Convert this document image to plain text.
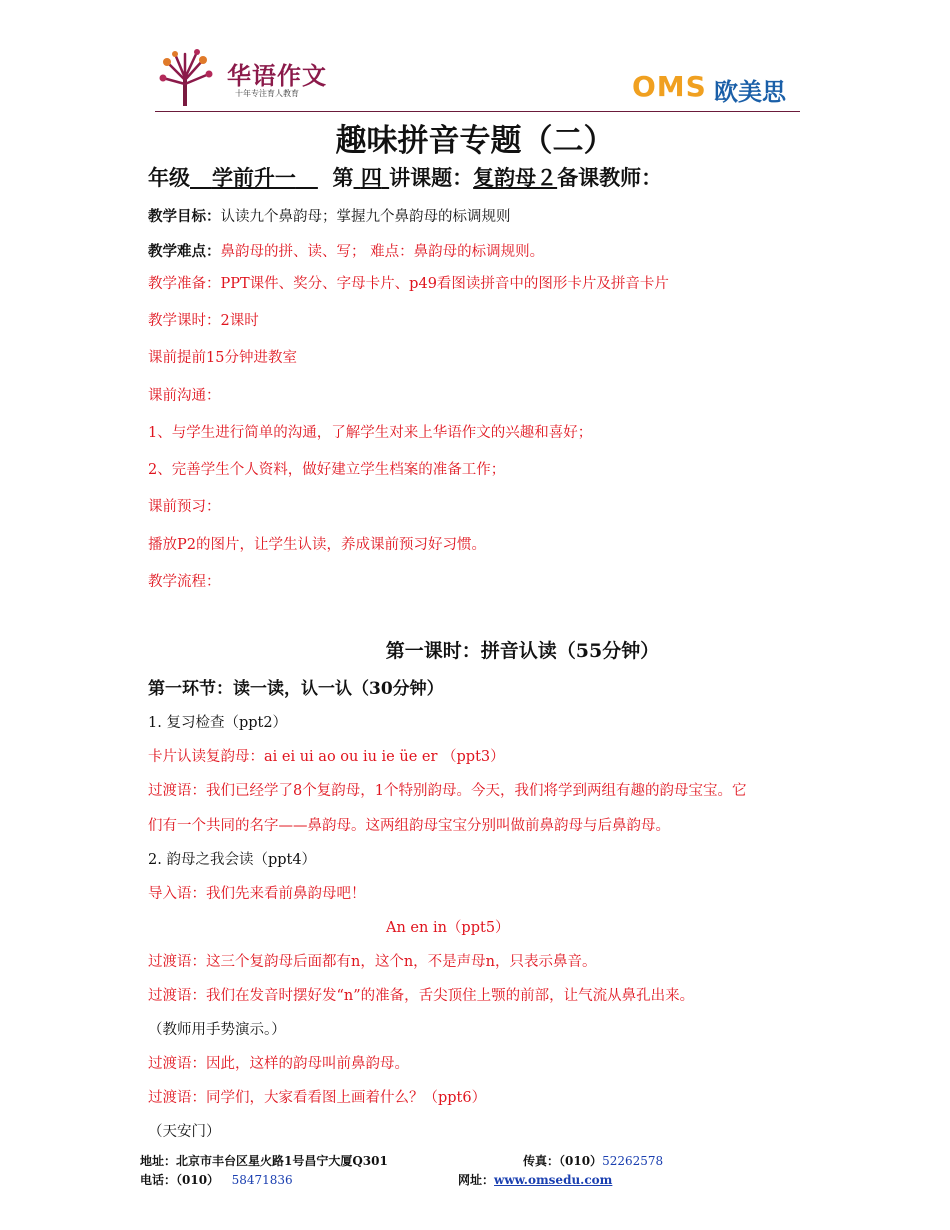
华语作文
十年专注育人教育	OMS 欧美思
趣味拼音专题（二）
年级 学前升一 第 四 讲课题：复韵母２备课教师：
教学目标：认读九个鼻韵母；掌握九个鼻韵母的标调规则
教学难点：鼻韵母的拼、读、写； 难点：鼻韵母的标调规则。
教学准备：PPT课件、奖分、字母卡片、p49看图读拼音中的图形卡片及拼音卡片
教学课时：2课时
课前提前15分钟进教室
课前沟通：
1、与学生进行简单的沟通，了解学生对来上华语作文的兴趣和喜好；
2、完善学生个人资料，做好建立学生档案的准备工作；
课前预习：
播放P2的图片，让学生认读，养成课前预习好习惯。
教学流程：
第一课时：拼音认读（55分钟）
第一环节：读一读，认一认（30分钟）
1. 复习检查（ppt2）
卡片认读复韵母：ai ei ui ao ou iu ie üe er （ppt3）
过渡语：我们已经学了8个复韵母，1个特别韵母。今天，我们将学到两组有趣的韵母宝宝。它
们有一个共同的名字——鼻韵母。这两组韵母宝宝分别叫做前鼻韵母与后鼻韵母。
2. 韵母之我会读（ppt4）
导入语：我们先来看前鼻韵母吧！
An en in（ppt5）
过渡语：这三个复韵母后面都有n，这个n，不是声母n，只表示鼻音。
过渡语：我们在发音时摆好发“n”的准备，舌尖顶住上颚的前部，让气流从鼻孔出来。
（教师用手势演示。）
过渡语：因此，这样的韵母叫前鼻韵母。
过渡语：同学们，大家看看图上画着什么？（ppt6）
（天安门）
地址：北京市丰台区星火路1号昌宁大厦Q301	传真：（010）52262578
电话：（010） 58471836	网址：www.omsedu.com
